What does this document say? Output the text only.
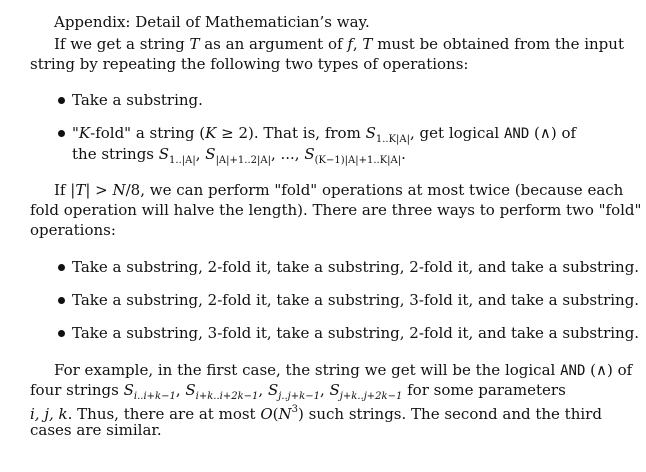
Appendix: Detail of Mathematician’s way.
If we get a string T as an argument of f, T must be obtained from the input
string by repeating the following two types of operations:
Take a substring.
"K-fold" a string (K ≥ 2). That is, from $S_{1..K|A|}$, get logical AND (∧) of
the strings $S_{1..|A|}$, $S_{|A|+1..2|A|}$, ..., $S_{(K-1)|A|+1..K|A|}$.
If |T| > N/8, we can perform "fold" operations at most twice (because each
fold operation will halve the length). There are three ways to perform two "fold"
operations:
Take a substring, 2-fold it, take a substring, 2-fold it, and take a substring.
Take a substring, 2-fold it, take a substring, 3-fold it, and take a substring.
Take a substring, 3-fold it, take a substring, 2-fold it, and take a substring.
For example, in the first case, the string we get will be the logical AND (∧) of
four strings $S_{i..i+k-1}$, $S_{i+k..i+2k-1}$, $S_{j..j+k-1}$, $S_{j+k..j+2k-1}$ for some parameters
i, j, k. Thus, there are at most $O(N^3)$ such strings. The second and the third
cases are similar.
